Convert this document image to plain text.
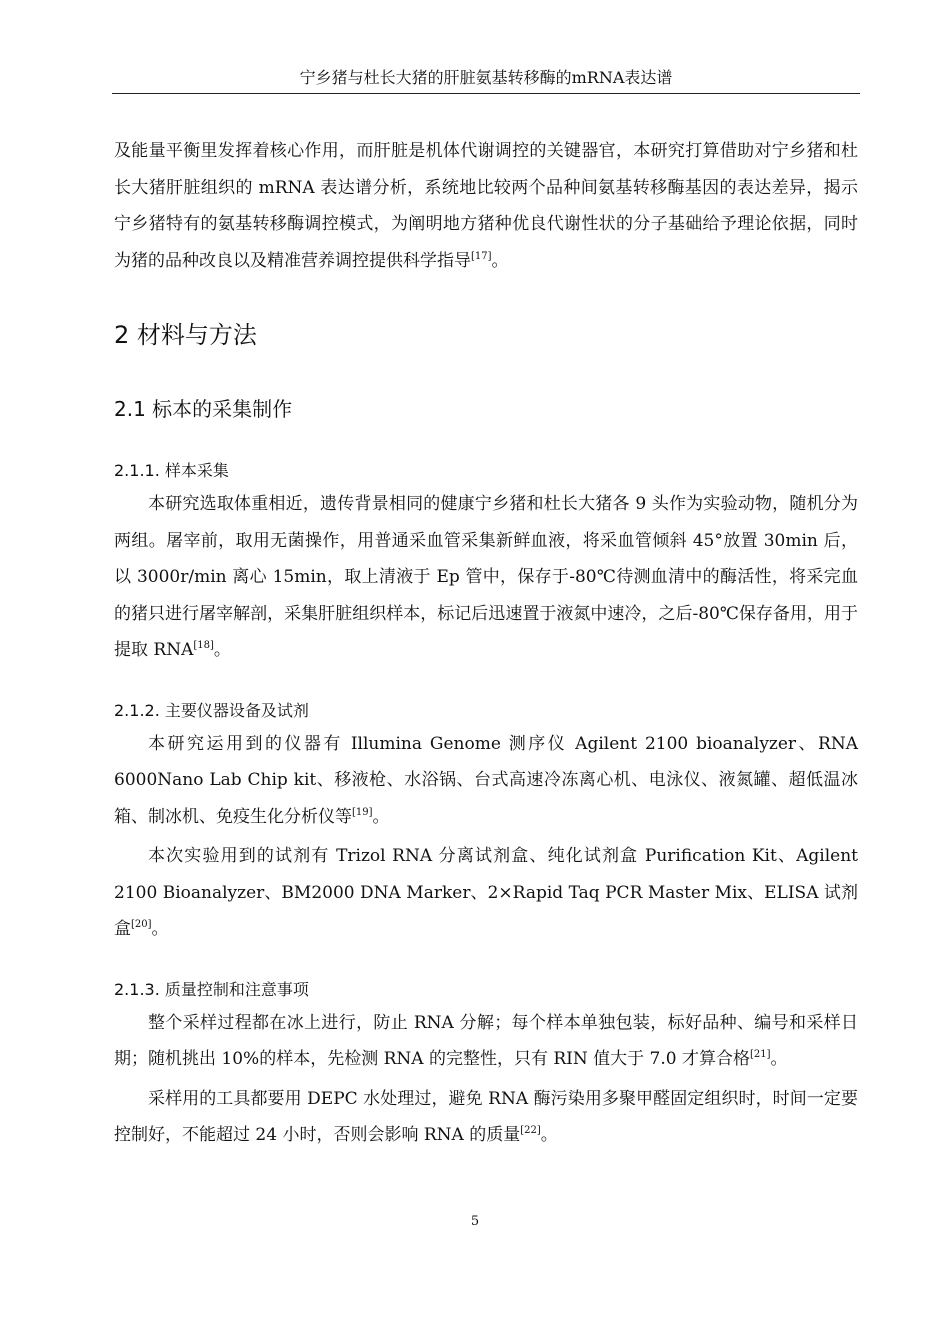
宁乡猪与杜长大猪的肝脏氨基转移酶的mRNA表达谱

及能量平衡里发挥着核心作用，而肝脏是机体代谢调控的关键器官，本研究打算借助对宁乡猪和杜长大猪肝脏组织的 mRNA 表达谱分析，系统地比较两个品种间氨基转移酶基因的表达差异，揭示宁乡猪特有的氨基转移酶调控模式，为阐明地方猪种优良代谢性状的分子基础给予理论依据，同时为猪的品种改良以及精准营养调控提供科学指导[17]。

2 材料与方法
2.1 标本的采集制作
2.1.1. 样本采集

本研究选取体重相近，遗传背景相同的健康宁乡猪和杜长大猪各 9 头作为实验动物，随机分为两组。屠宰前，取用无菌操作，用普通采血管采集新鲜血液，将采血管倾斜 45°放置 30min 后，以 3000r/min 离心 15min，取上清液于 Ep 管中，保存于-80℃待测血清中的酶活性，将采完血的猪只进行屠宰解剖，采集肝脏组织样本，标记后迅速置于液氮中速冷，之后-80℃保存备用，用于提取 RNA[18]。

2.1.2. 主要仪器设备及试剂

本研究运用到的仪器有 Illumina Genome 测序仪 Agilent 2100 bioanalyzer、RNA 6000Nano Lab Chip kit、移液枪、水浴锅、台式高速冷冻离心机、电泳仪、液氮罐、超低温冰箱、制冰机、免疫生化分析仪等[19]。

本次实验用到的试剂有 Trizol RNA 分离试剂盒、纯化试剂盒 Purification Kit、Agilent 2100 Bioanalyzer、BM2000 DNA Marker、2×Rapid Taq PCR Master Mix、ELISA 试剂盒[20]。

2.1.3. 质量控制和注意事项

整个采样过程都在冰上进行，防止 RNA 分解；每个样本单独包装，标好品种、编号和采样日期；随机挑出 10%的样本，先检测 RNA 的完整性，只有 RIN 值大于 7.0 才算合格[21]。

采样用的工具都要用 DEPC 水处理过，避免 RNA 酶污染用多聚甲醛固定组织时，时间一定要控制好，不能超过 24 小时，否则会影响 RNA 的质量[22]。

5
